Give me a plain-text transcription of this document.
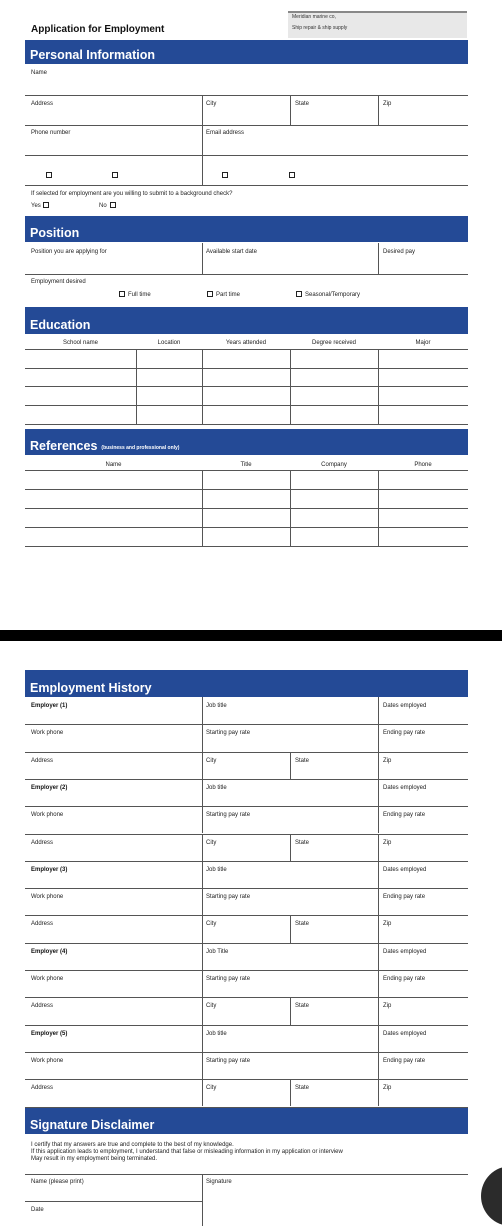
Application for Employment
Meridian marine co,
Ship repair & ship supply
Personal Information
Name
Address	City	State	Zip
Phone number	Email address
If selected for employment are you willing to submit to a background check?
Yes	No
Position
Position you are applying for	Available start date	Desired pay
Employment desired
Full time	Part time	Seasonal/Temporary
Education
School name	Location	Years attended	Degree received	Major
References (business and professional only)
Name	Title	Company	Phone
Employment History
Employer (1)	Job title	Dates employed
Work phone	Starting pay rate	Ending pay rate
Address	City	State	Zip
Employer (2)	Job title	Dates employed
Work phone	Starting pay rate	Ending pay rate
Address	City	State	Zip
Employer (3)	Job title	Dates employed
Work phone	Starting pay rate	Ending pay rate
Address	City	State	Zip
Employer (4)	Job Title	Dates employed
Work phone	Starting pay rate	Ending pay rate
Address	City	State	Zip
Employer (5)	Job title	Dates employed
Work phone	Starting pay rate	Ending pay rate
Address	City	State	Zip
Signature Disclaimer
I certify that my answers are true and complete to the best of my knowledge.
If this application leads to employment, I understand that false or misleading information in my application or interview
May result in my employment being terminated.
Name (please print)	Signature
Date
